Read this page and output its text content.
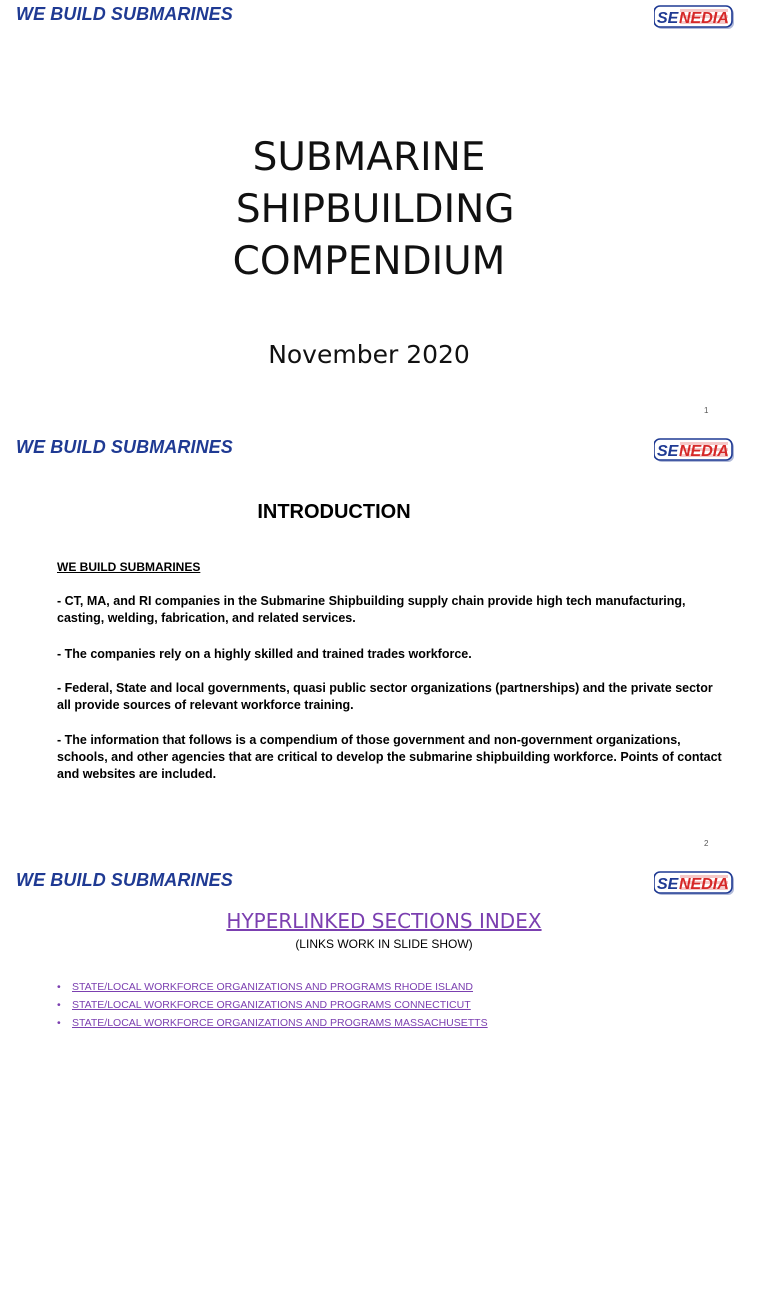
WE BUILD SUBMARINES	SE NEDIA
SUBMARINE
SHIPBUILDING
COMPENDIUM
November 2020
1
WE BUILD SUBMARINES	SE NEDIA
INTRODUCTION
WE BUILD SUBMARINES
- CT, MA, and RI companies in the Submarine Shipbuilding supply chain provide high tech manufacturing, casting, welding, fabrication, and related services.
- The companies rely on a highly skilled and trained trades workforce.
- Federal, State and local governments, quasi public sector organizations (partnerships) and the private sector all provide sources of relevant workforce training.
- The information that follows is a compendium of those government and non-government organizations, schools, and other agencies that are critical to develop the submarine shipbuilding workforce. Points of contact and websites are included.
2
WE BUILD SUBMARINES	SE NEDIA
HYPERLINKED SECTIONS INDEX
(LINKS WORK IN SLIDE SHOW)
• STATE/LOCAL WORKFORCE ORGANIZATIONS AND PROGRAMS RHODE ISLAND
• STATE/LOCAL WORKFORCE ORGANIZATIONS AND PROGRAMS CONNECTICUT
• STATE/LOCAL WORKFORCE ORGANIZATIONS AND PROGRAMS MASSACHUSETTS
